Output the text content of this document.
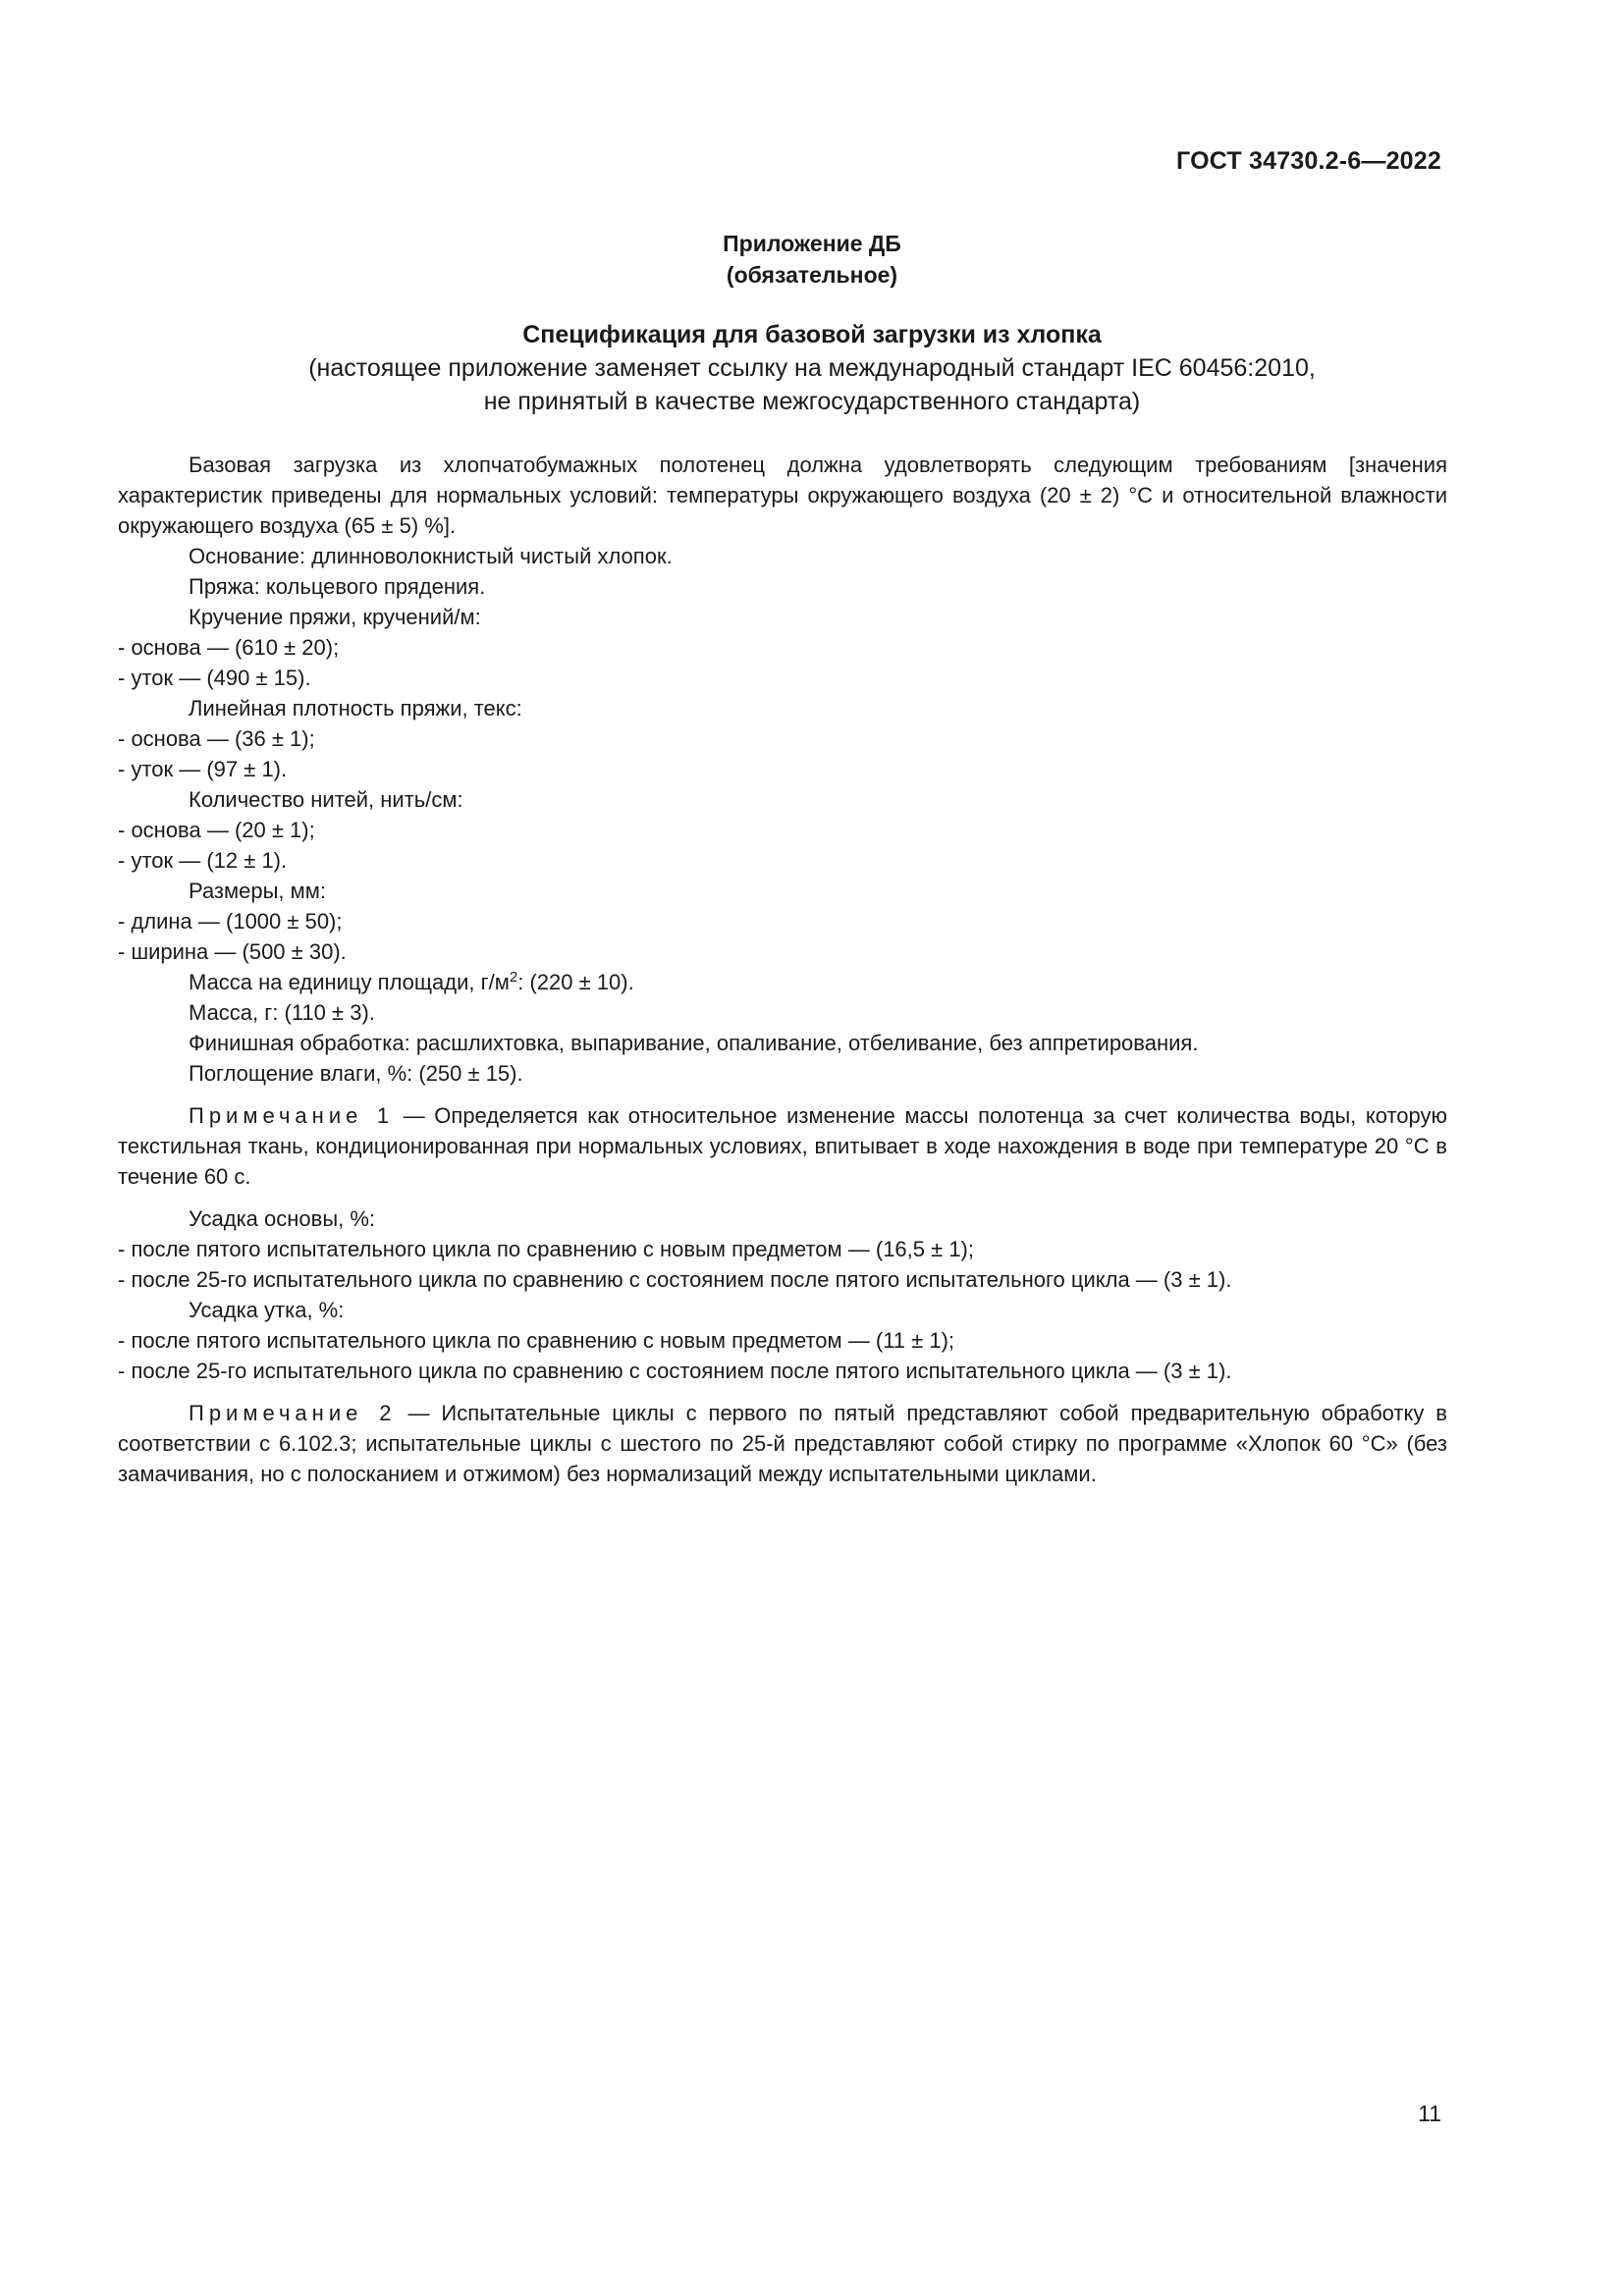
ГОСТ 34730.2-6—2022
Приложение ДБ
(обязательное)
Спецификация для базовой загрузки из хлопка
(настоящее приложение заменяет ссылку на международный стандарт IEC 60456:2010,
не принятый в качестве межгосударственного стандарта)

Базовая загрузка из хлопчатобумажных полотенец должна удовлетворять следующим требованиям [значения характеристик приведены для нормальных условий: температуры окружающего воздуха (20 ± 2) °С и относительной влажности окружающего воздуха (65 ± 5) %].

Основание: длинноволокнистый чистый хлопок.

Пряжа: кольцевого прядения.

Кручение пряжи, кручений/м:

- основа — (610 ± 20);

- уток — (490 ± 15).

Линейная плотность пряжи, текс:

- основа — (36 ± 1);

- уток — (97 ± 1).

Количество нитей, нить/см:

- основа — (20 ± 1);

- уток — (12 ± 1).

Размеры, мм:

- длина — (1000 ± 50);

- ширина — (500 ± 30).

Масса на единицу площади, $г/м^2$: (220 ± 10).

Масса, г: (110 ± 3).

Финишная обработка: расшлихтовка, выпаривание, опаливание, отбеливание, без аппретирования.

Поглощение влаги, %: (250 ± 15).

Примечание 1 — Определяется как относительное изменение массы полотенца за счет количества воды, которую текстильная ткань, кондиционированная при нормальных условиях, впитывает в ходе нахождения в воде при температуре 20 °С в течение 60 с.

Усадка основы, %:

- после пятого испытательного цикла по сравнению с новым предметом — (16,5 ± 1);

- после 25-го испытательного цикла по сравнению с состоянием после пятого испытательного цикла — (3 ± 1).

Усадка утка, %:

- после пятого испытательного цикла по сравнению с новым предметом — (11 ± 1);

- после 25-го испытательного цикла по сравнению с состоянием после пятого испытательного цикла — (3 ± 1).

Примечание 2 — Испытательные циклы с первого по пятый представляют собой предварительную обработку в соответствии с 6.102.3; испытательные циклы с шестого по 25-й представляют собой стирку по программе «Хлопок 60 °С» (без замачивания, но с полосканием и отжимом) без нормализаций между испытательными циклами.

11
